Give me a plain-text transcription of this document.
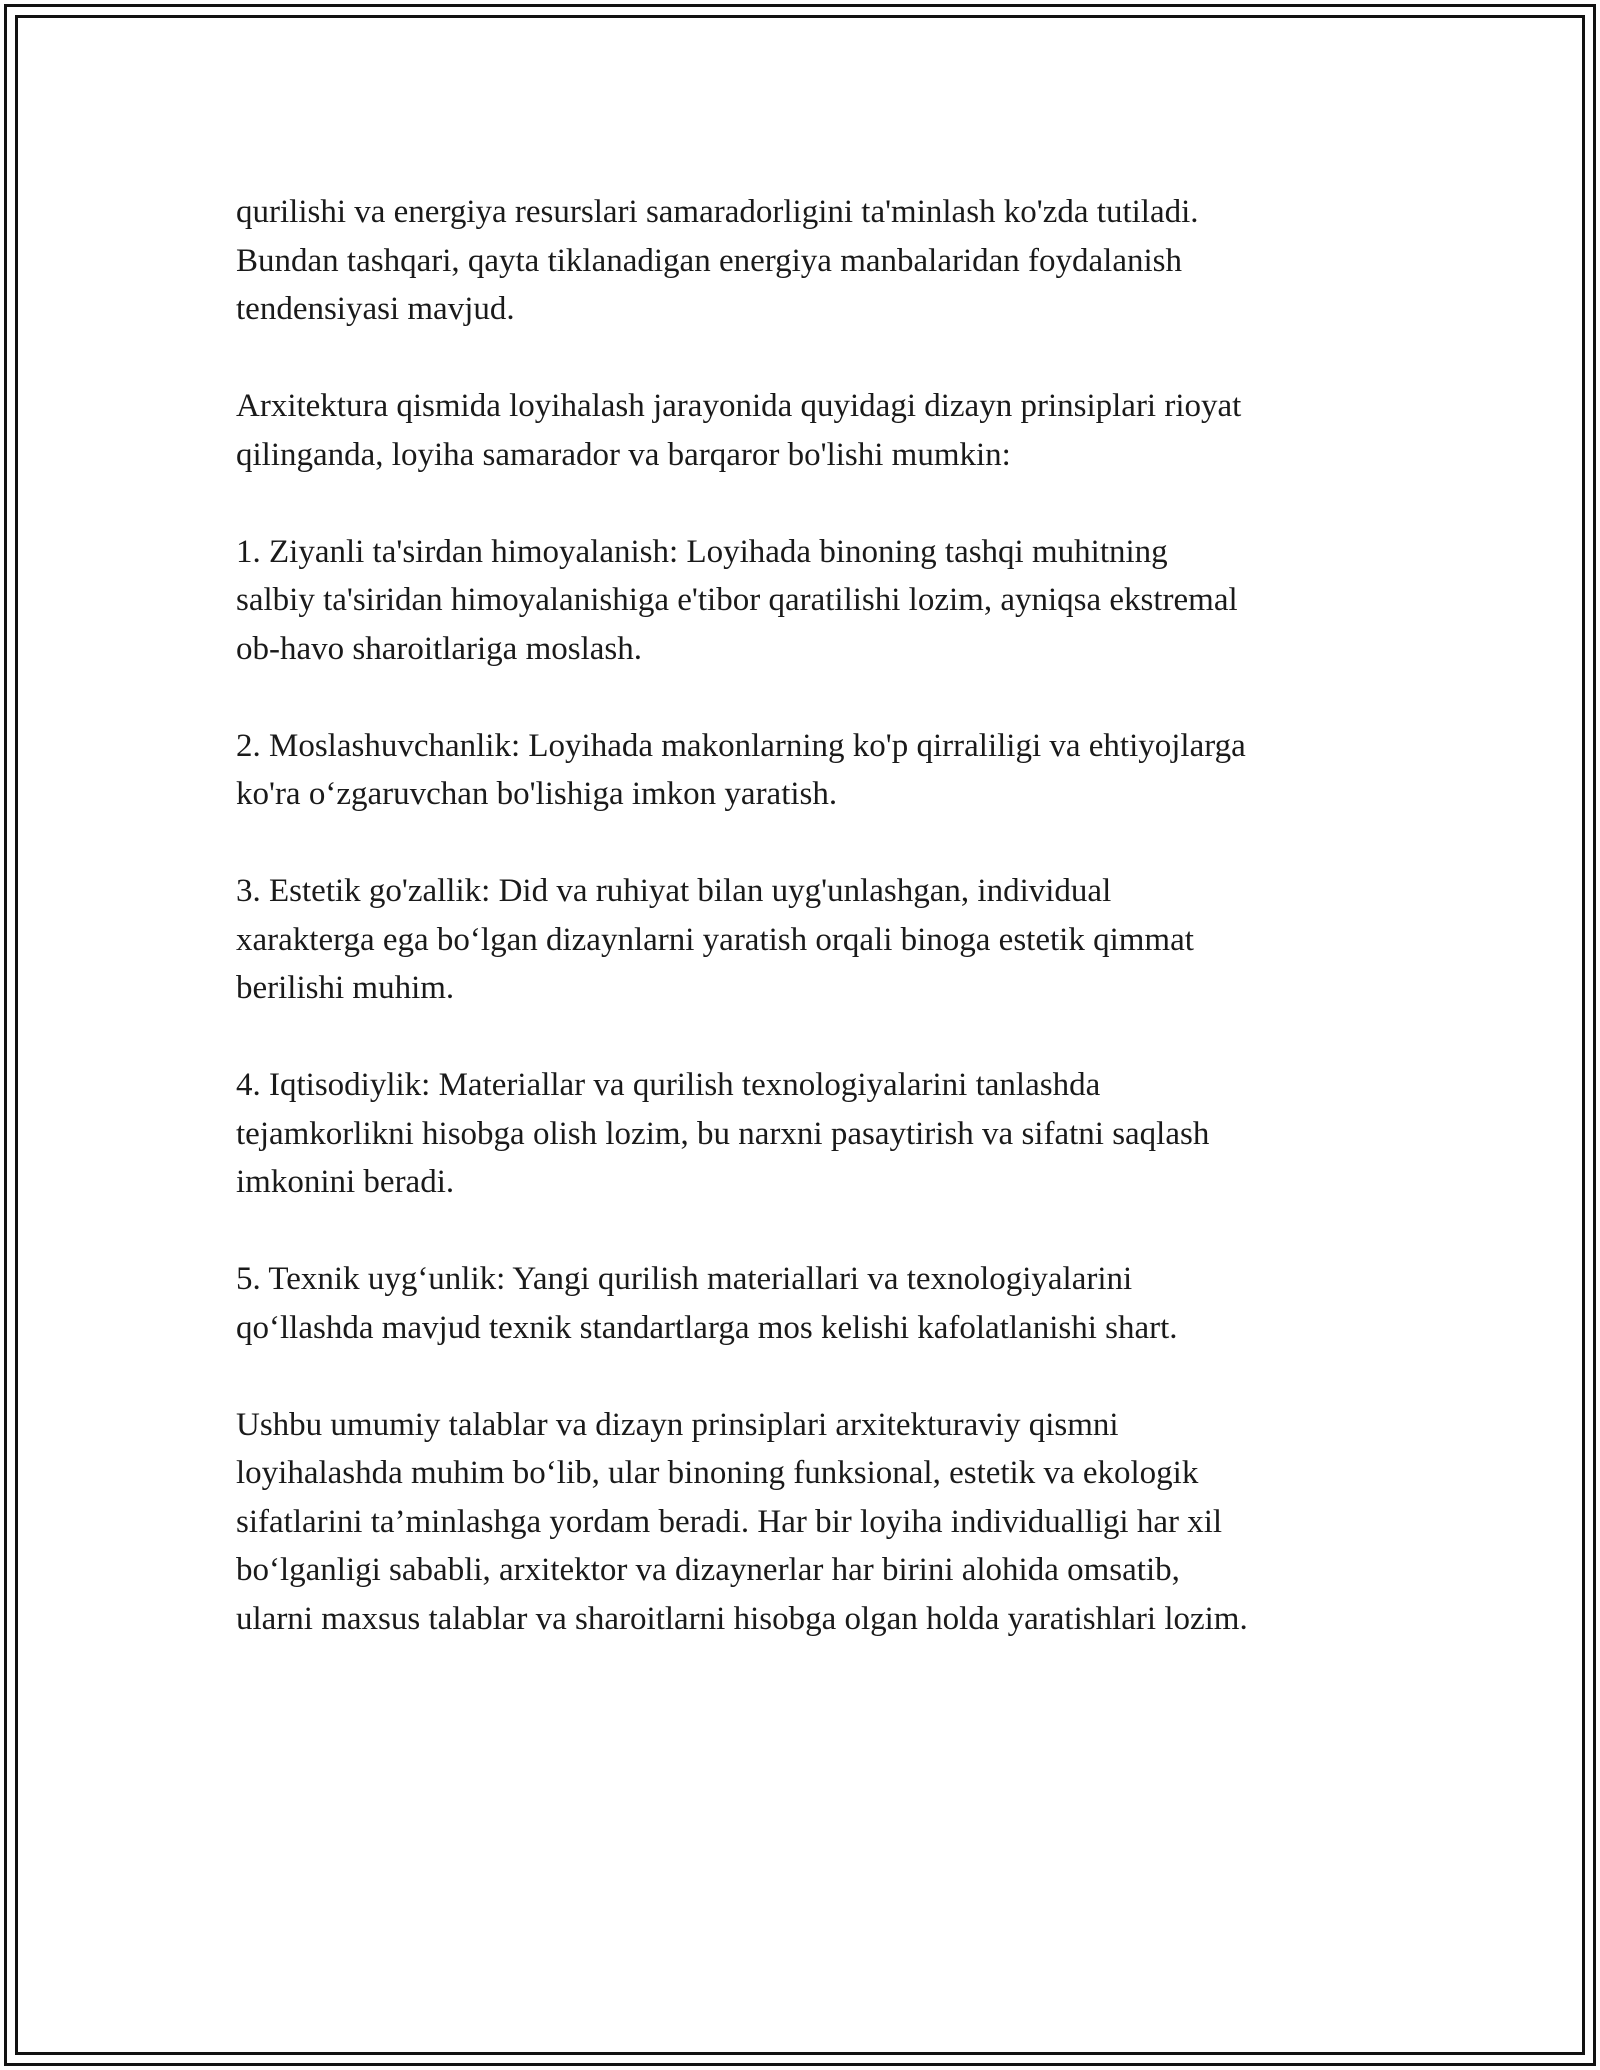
qurilishi va energiya resurslari samaradorligini ta'minlash ko'zda tutiladi.
Bundan tashqari, qayta tiklanadigan energiya manbalaridan foydalanish
tendensiyasi mavjud.

Arxitektura qismida loyihalash jarayonida quyidagi dizayn prinsiplari rioyat
qilinganda, loyiha samarador va barqaror bo'lishi mumkin:

1. Ziyanli ta'sirdan himoyalanish: Loyihada binoning tashqi muhitning
salbiy ta'siridan himoyalanishiga e'tibor qaratilishi lozim, ayniqsa ekstremal
ob-havo sharoitlariga moslash.

2. Moslashuvchanlik: Loyihada makonlarning ko'p qirraliligi va ehtiyojlarga
ko'ra o‘zgaruvchan bo'lishiga imkon yaratish.

3. Estetik go'zallik: Did va ruhiyat bilan uyg'unlashgan, individual
xarakterga ega bo‘lgan dizaynlarni yaratish orqali binoga estetik qimmat
berilishi muhim.

4. Iqtisodiylik: Materiallar va qurilish texnologiyalarini tanlashda
tejamkorlikni hisobga olish lozim, bu narxni pasaytirish va sifatni saqlash
imkonini beradi.

5. Texnik uyg‘unlik: Yangi qurilish materiallari va texnologiyalarini
qo‘llashda mavjud texnik standartlarga mos kelishi kafolatlanishi shart.

Ushbu umumiy talablar va dizayn prinsiplari arxitekturaviy qismni
loyihalashda muhim bo‘lib, ular binoning funksional, estetik va ekologik
sifatlarini ta’minlashga yordam beradi. Har bir loyiha individualligi har xil
bo‘lganligi sababli, arxitektor va dizaynerlar har birini alohida omsatib,
ularni maxsus talablar va sharoitlarni hisobga olgan holda yaratishlari lozim.
